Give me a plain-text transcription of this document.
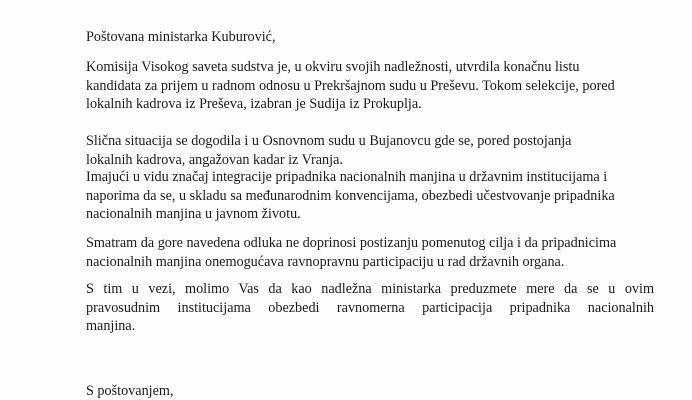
Poštovana ministarka Kuburović,

Komisija Visokog saveta sudstva je, u okviru svojih nadležnosti, utvrdila konačnu listu
kandidata za prijem u radnom odnosu u Prekršajnom sudu u Preševu. Tokom selekcije, pored
lokalnih kadrova iz Preševa, izabran je Sudija iz Prokuplja.

Slična situacija se dogodila i u Osnovnom sudu u Bujanovcu gde se, pored postojanja
lokalnih kadrova, angažovan kadar iz Vranja.

Imajući u vidu značaj integracije pripadnika nacionalnih manjina u državnim institucijama i
naporima da se, u skladu sa međunarodnim konvencijama, obezbedi učestvovanje pripadnika
nacionalnih manjina u javnom životu.

Smatram da gore navedena odluka ne doprinosi postizanju pomenutog cilja i da pripadnicima
nacionalnih manjina onemogućava ravnopravnu participaciju u rad državnih organa.

S tim u vezi, molimo Vas da kao nadležna ministarka preduzmete mere da se u ovim
pravosudnim institucijama obezbedi ravnomerna participacija pripadnika nacionalnih
manjina.

S poštovanjem,
